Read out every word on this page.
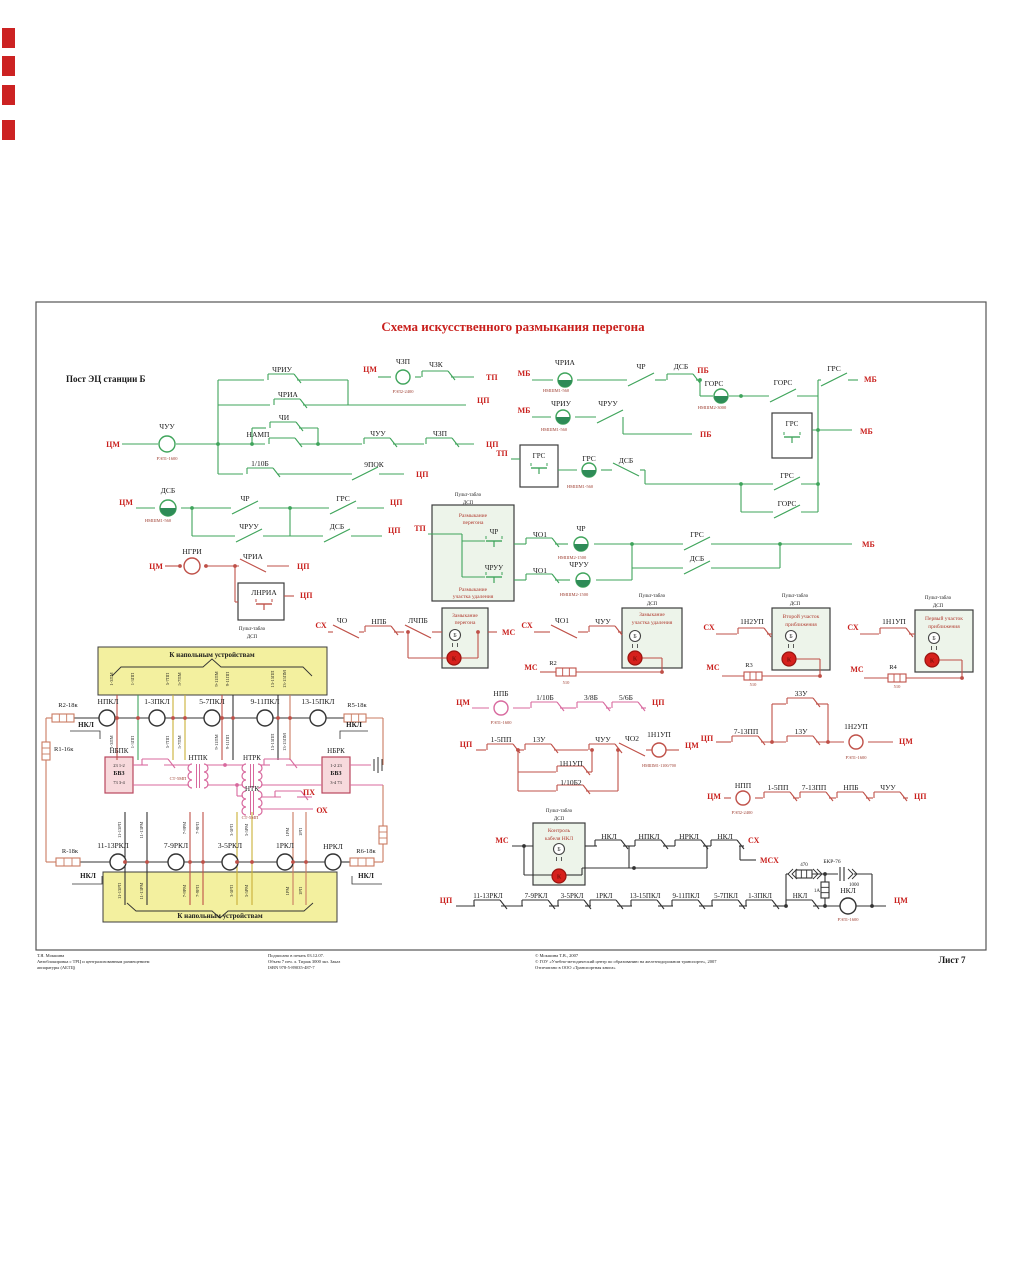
Б
К
Б
К
Б
К
Б
К
Б
К
Схема искусственного размыкания перегона
Пост ЭЦ станции Б
Лист 7
ЦМ
ЧУУ
РЭЛ1-1600
ЧРИУ
ЧРИА
ЦП
ЧИ
НАМП	ЧУУ	ЧЗП
ЦП
1/10Б	9ПОК
ЦП
ЦМ
ЧЗП
РЭЛ2-2400
ЧЗК
ТП	МБ
ЧРИА
НМШМ1-560
ЧР	ДСБ ПБ
ГОРС
НМШМ2-3000
ГОРС
ГРС
МБ
МБ
ЧРИУ
НМШМ1-560
ЧРУУ
ПБ
ТП	ГРС	ГРС
НМШМ1-560
ДСБ
ГРС
МБ
ГРС
ГОРС
ЦМ
ДСБ
НМШМ1-560
ЧР	ГРС	ЦП
ЧРУУ	ДСБ	ЦП ТП
Размыкание
перегона
ЧР
ЧРУУ
Размыкание
участка удаления
Пульт-табло
ДСП
ЧО1
ЧР
НМШМ2-1500
ГРС
МБ
ЧО1
ЧРУУ
НМШМ2-1500
ДСБ
Пульт-табло
ДСП
Пульт-табло
ДСП
Пульт-табло
ДСП
ЦМ
НГРИ
ЧРИА
ЦП
ЛНРИА	ЦП
Пульт-табло
ДСП
СХ
ЧО	НПБ	ЛЧПБ	Замыкание
перегона
МС
СХ
ЧО1	ЧУУ
Замыкание
участка удаления
МС R2
510
СХ
1Н2УП	Второй участок
приближения
МС	R3
510
СХ
1Н1УП	Первый участок
приближения
МС	R4
510
ЦМ
НПБ
РЭЛ1-1600
1/10Б	3/8Б	5/6Б
ЦП
ЦП
1-5ПП	13У	ЧУУ ЧО2 1Н1УП
НМШМ1-1100/700
ЦМ
1Н1УП
1/10Б2
ЦП
7-13ПП	13У
33У
1Н2УП
РЭЛ1-1600
ЦМ
ЦМ
НПП
РЭЛ2-2400
1-5ПП 7-13ПП НПБ	ЧУУ
ЦП
К напольным устройствам
1-3ПМ	1-3ПП	5-7ПП 5-7ПМ	9-11ПМ 9-11ПП	13-15ПП 13-15ПМ
1-3ПМ	1-3ПП	5-7ПП 5-7ПМ	9-11ПМ 9-11ПП	13-15ПП 13-15ПМ
R2-18к	НПКЛ	1-3ПКЛ	5-7ПКЛ	9-11ПКЛ	13-15ПКЛ R5-18к
НКЛ	НКЛ
R1-16к	НБПК
23 1-2
БВЗ
73 3-4
НТПК
СТ-5МП
НТРК
НТК
СТ-5МП
ПХ
ОХ
НБРК
1-2 23
БВЗ
3-4 73
11-13РП	11-13РМ	7-9РМ 7-9РП	3-5РП 3-5РМ	1РМ 1РП
11-13РП	11-13РМ	7-9РМ 7-9РП	3-5РП 3-5РМ	1РМ 1РП
R-18к
11-13РКЛ	7-9РКЛ	3-5РКЛ	1РКЛ	НРКЛ
R6-18к
НКЛ	НКЛ
К напольным устройствам
МС
Пульт-табло
ДСП
Контроль
кабеля НКЛ	НКЛ	НПКЛ	НРКЛ НКЛ СХ
МСХ
ЦП	11-13РКЛ	7-9РКЛ 3-5РКЛ 1РКЛ 13-15ПКЛ 9-11ПКЛ 5-7ПКЛ 1-3ПКЛ	НКЛ
470
БКР-76
1000
1А	НКЛ
РЭЛ1-1600
ЦМ
Т.Я. Мокшина
Автоблокировка с ТРЦ и централизованным размещением
аппаратуры (АБТЦ)
Подписано в печать 03.12.07.
Объем 7 печ. л. Тираж 3000 экз. Заказ
ISBN 978-5-89035-487-7
© Мокшина Т.В., 2007
© ГОУ «Учебно-методический центр по образованию на железнодорожном транспорте», 2007
Отпечатано в ООО «Транспортная книга»
